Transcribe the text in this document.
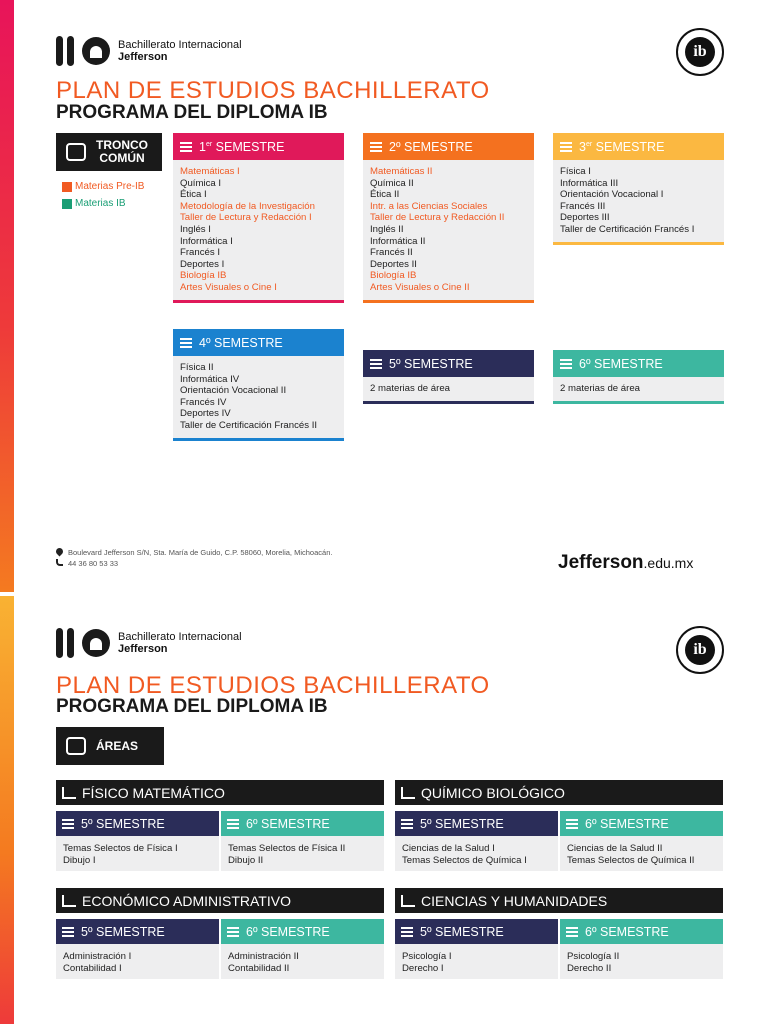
Bachillerato Internacional
Jefferson	ib
PLAN DE ESTUDIOS BACHILLERATO
PROGRAMA DEL DIPLOMA IB
TRONCO
COMÚN
Materias Pre-IB
Materias IB
1er SEMESTRE
Matemáticas I
Química I
Ética I
Metodología de la Investigación
Taller de Lectura y Redacción I
Inglés I
Informática I
Francés I
Deportes I
Biología IB
Artes Visuales o Cine I
2º SEMESTRE
Matemáticas II
Química II
Ética II
Intr. a las Ciencias Sociales
Taller de Lectura y Redacción II
Inglés II
Informática II
Francés II
Deportes II
Biología IB
Artes Visuales o Cine II
3er SEMESTRE
Física I
Informática III
Orientación Vocacional I
Francés III
Deportes III
Taller de Certificación Francés I
4º SEMESTRE
Física II
Informática IV
Orientación Vocacional II
Francés IV
Deportes IV
Taller de Certificación Francés II
5º SEMESTRE
2 materias de área
6º SEMESTRE
2 materias de área
Boulevard Jefferson S/N, Sta. María de Guido, C.P. 58060, Morelia, Michoacán.
44 36 80 53 33	Jefferson.edu.mx
Bachillerato Internacional
Jefferson	ib
PLAN DE ESTUDIOS BACHILLERATO
PROGRAMA DEL DIPLOMA IB
ÁREAS
FÍSICO MATEMÁTICO
5º SEMESTRE
Temas Selectos de Física I
Dibujo I
6º SEMESTRE
Temas Selectos de Física II
Dibujo II
QUÍMICO BIOLÓGICO
5º SEMESTRE
Ciencias de la Salud I
Temas Selectos de Química I
6º SEMESTRE
Ciencias de la Salud II
Temas Selectos de Química II
ECONÓMICO ADMINISTRATIVO
5º SEMESTRE
Administración I
Contabilidad I
6º SEMESTRE
Administración II
Contabilidad II
CIENCIAS Y HUMANIDADES
5º SEMESTRE
Psicología I
Derecho I
6º SEMESTRE
Psicología II
Derecho II
